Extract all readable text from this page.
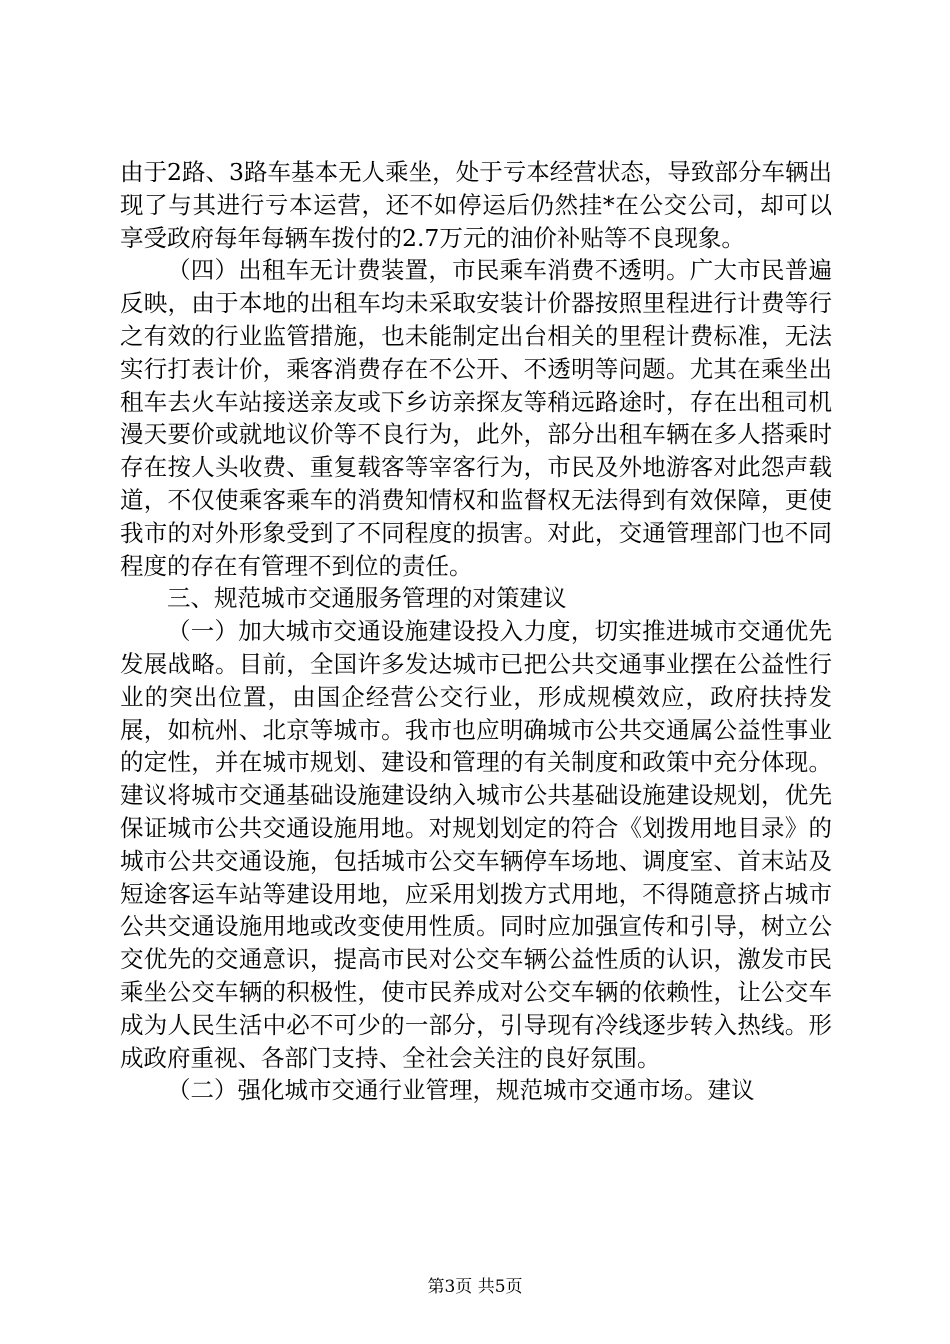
由于2路、3路车基本无人乘坐，处于亏本经营状态，导致部分车辆出现了与其进行亏本运营，还不如停运后仍然挂*在公交公司，却可以享受政府每年每辆车拨付的2.7万元的油价补贴等不良现象。

（四）出租车无计费装置，市民乘车消费不透明。广大市民普遍反映，由于本地的出租车均未采取安装计价器按照里程进行计费等行之有效的行业监管措施，也未能制定出台相关的里程计费标准，无法实行打表计价，乘客消费存在不公开、不透明等问题。尤其在乘坐出租车去火车站接送亲友或下乡访亲探友等稍远路途时，存在出租司机漫天要价或就地议价等不良行为，此外，部分出租车辆在多人搭乘时存在按人头收费、重复载客等宰客行为，市民及外地游客对此怨声载道，不仅使乘客乘车的消费知情权和监督权无法得到有效保障，更使我市的对外形象受到了不同程度的损害。对此，交通管理部门也不同程度的存在有管理不到位的责任。

三、规范城市交通服务管理的对策建议

（一）加大城市交通设施建设投入力度，切实推进城市交通优先发展战略。目前，全国许多发达城市已把公共交通事业摆在公益性行业的突出位置，由国企经营公交行业，形成规模效应，政府扶持发展，如杭州、北京等城市。我市也应明确城市公共交通属公益性事业的定性，并在城市规划、建设和管理的有关制度和政策中充分体现。建议将城市交通基础设施建设纳入城市公共基础设施建设规划，优先保证城市公共交通设施用地。对规划划定的符合《划拨用地目录》的城市公共交通设施，包括城市公交车辆停车场地、调度室、首末站及短途客运车站等建设用地，应采用划拨方式用地，不得随意挤占城市公共交通设施用地或改变使用性质。同时应加强宣传和引导，树立公交优先的交通意识，提高市民对公交车辆公益性质的认识，激发市民乘坐公交车辆的积极性，使市民养成对公交车辆的依赖性，让公交车成为人民生活中必不可少的一部分，引导现有冷线逐步转入热线。形成政府重视、各部门支持、全社会关注的良好氛围。

（二）强化城市交通行业管理，规范城市交通市场。建议

第3页 共5页
